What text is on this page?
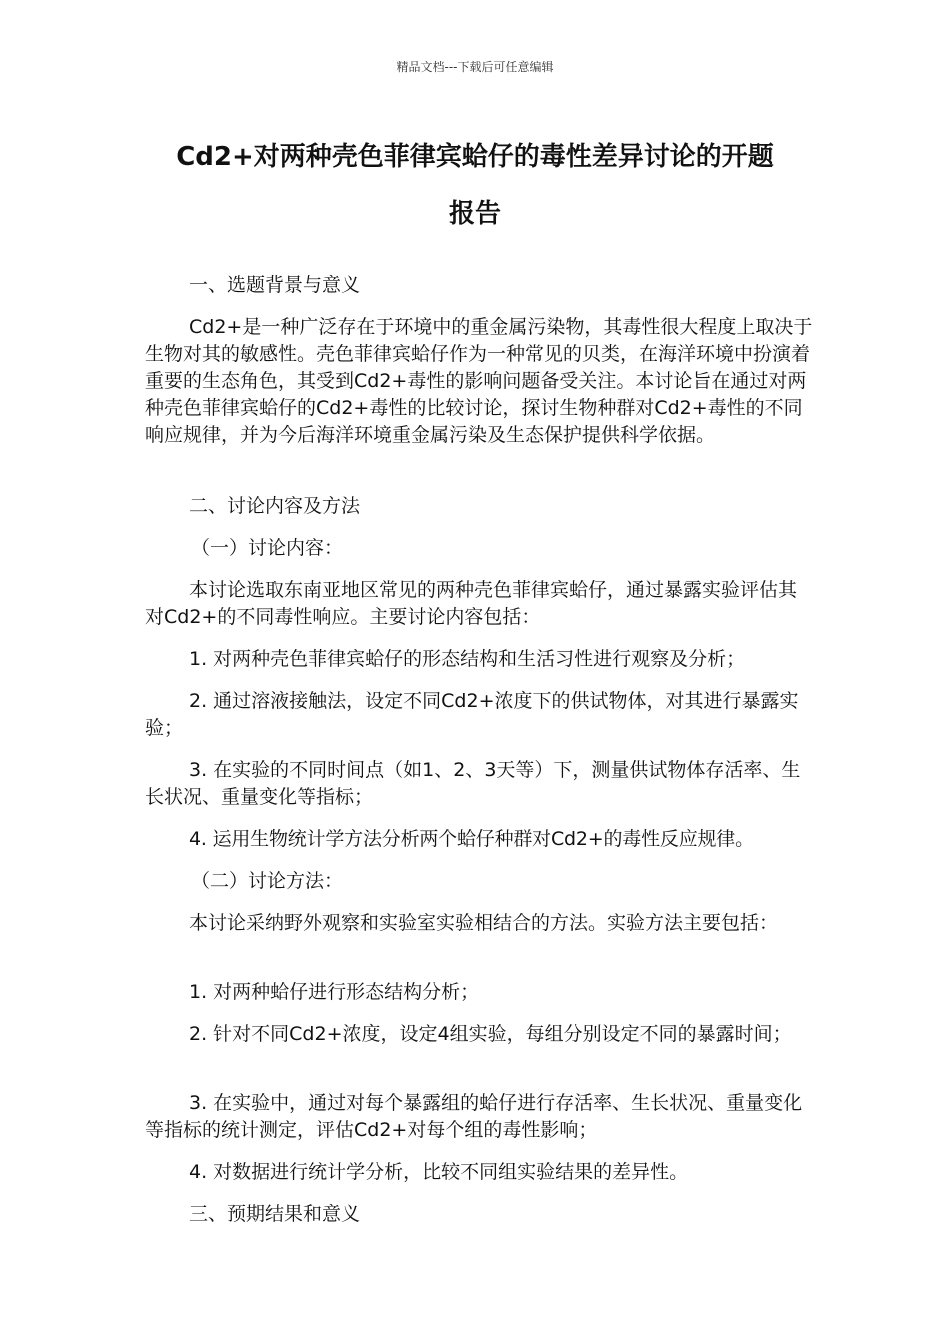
精品文档---下载后可任意编辑
Cd2+对两种壳色菲律宾蛤仔的毒性差异讨论的开题
报告

一、选题背景与意义

Cd2+是一种广泛存在于环境中的重金属污染物，其毒性很大程度上取决于生物对其的敏感性。壳色菲律宾蛤仔作为一种常见的贝类，在海洋环境中扮演着重要的生态角色，其受到Cd2+毒性的影响问题备受关注。本讨论旨在通过对两种壳色菲律宾蛤仔的Cd2+毒性的比较讨论，探讨生物种群对Cd2+毒性的不同响应规律，并为今后海洋环境重金属污染及生态保护提供科学依据。

二、讨论内容及方法

（一）讨论内容：

本讨论选取东南亚地区常见的两种壳色菲律宾蛤仔，通过暴露实验评估其对Cd2+的不同毒性响应。主要讨论内容包括：

1. 对两种壳色菲律宾蛤仔的形态结构和生活习性进行观察及分析；

2. 通过溶液接触法，设定不同Cd2+浓度下的供试物体，对其进行暴露实验；

3. 在实验的不同时间点（如1、2、3天等）下，测量供试物体存活率、生长状况、重量变化等指标；

4. 运用生物统计学方法分析两个蛤仔种群对Cd2+的毒性反应规律。

（二）讨论方法：

本讨论采纳野外观察和实验室实验相结合的方法。实验方法主要包括：

1. 对两种蛤仔进行形态结构分析；

2. 针对不同Cd2+浓度，设定4组实验，每组分别设定不同的暴露时间；

3. 在实验中，通过对每个暴露组的蛤仔进行存活率、生长状况、重量变化等指标的统计测定，评估Cd2+对每个组的毒性影响；

4. 对数据进行统计学分析，比较不同组实验结果的差异性。

三、预期结果和意义
